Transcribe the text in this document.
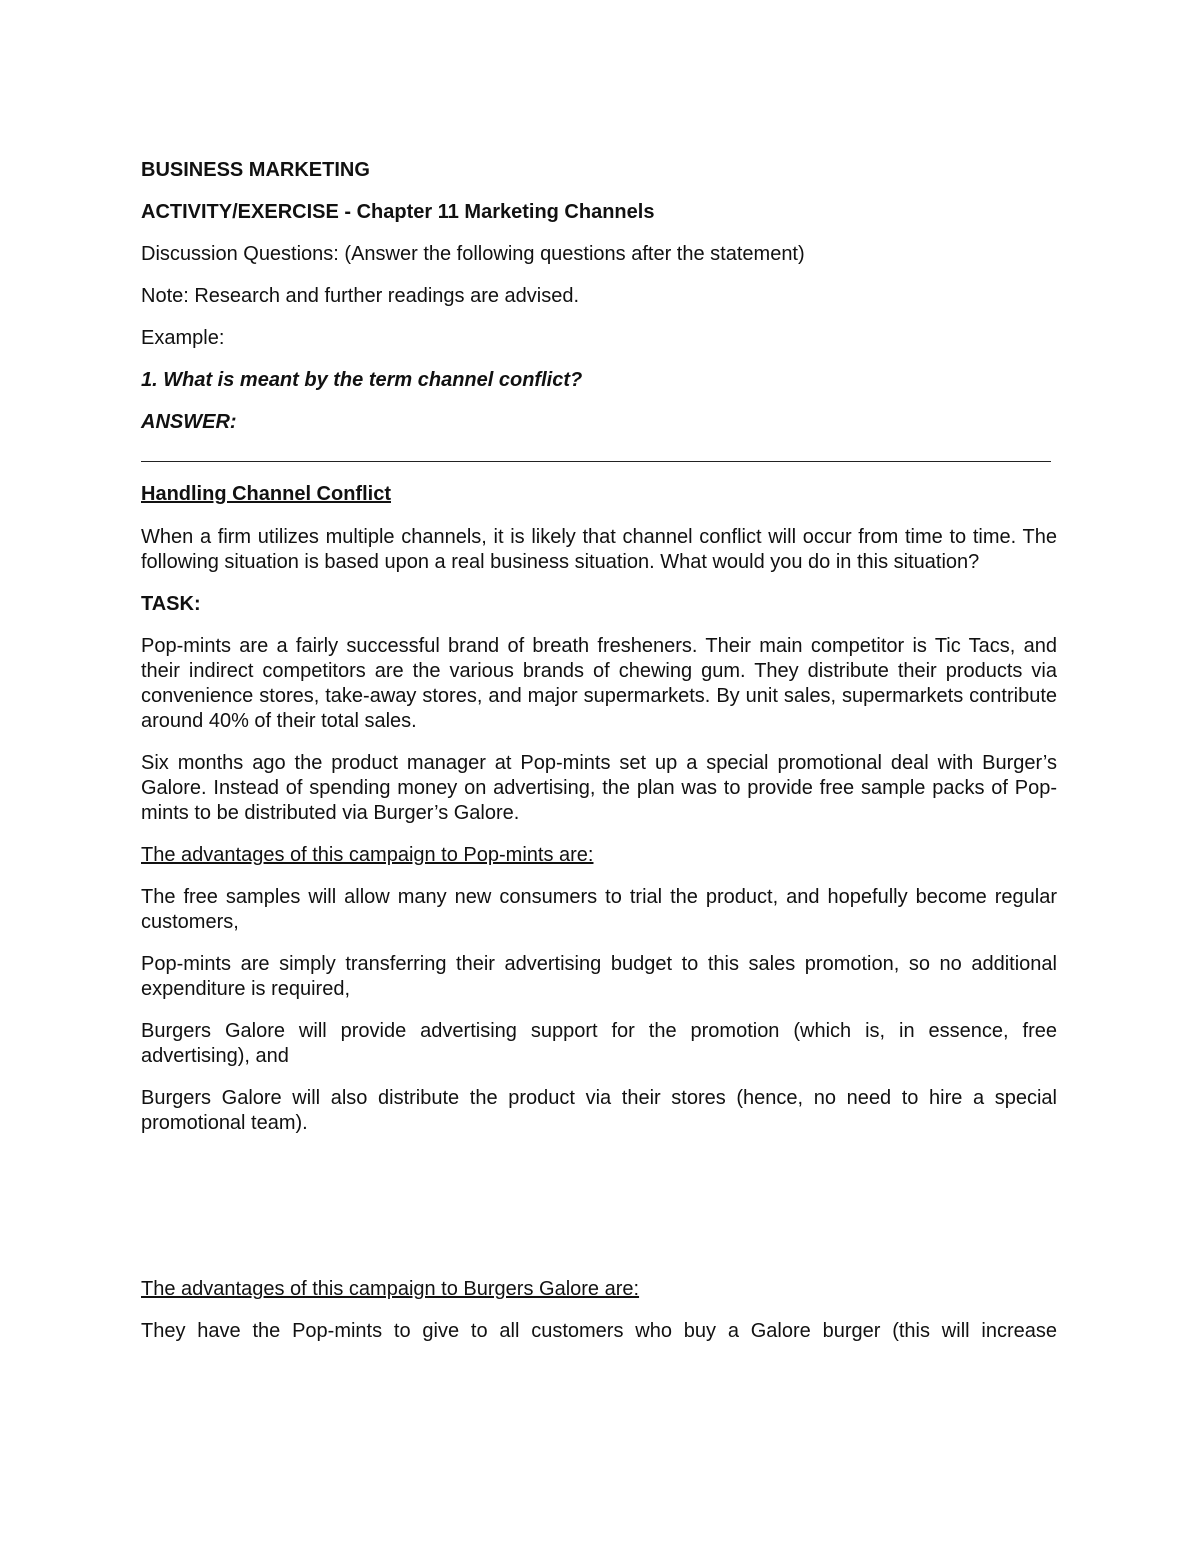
BUSINESS MARKETING

ACTIVITY/EXERCISE - Chapter 11 Marketing Channels

Discussion Questions: (Answer the following questions after the statement)

Note: Research and further readings are advised.

Example:

1. What is meant by the term channel conflict?

ANSWER:

Handling Channel Conflict

When a firm utilizes multiple channels, it is likely that channel conflict will occur from time to time. The following situation is based upon a real business situation. What would you do in this situation?

TASK:

Pop-mints are a fairly successful brand of breath fresheners. Their main competitor is Tic Tacs, and their indirect competitors are the various brands of chewing gum. They distribute their products via convenience stores, take-away stores, and major supermarkets. By unit sales, supermarkets contribute around 40% of their total sales.

Six months ago the product manager at Pop-mints set up a special promotional deal with Burger’s Galore. Instead of spending money on advertising, the plan was to provide free sample packs of Pop-mints to be distributed via Burger’s Galore.

The advantages of this campaign to Pop-mints are:

The free samples will allow many new consumers to trial the product, and hopefully become regular customers,

Pop-mints are simply transferring their advertising budget to this sales promotion, so no additional expenditure is required,

Burgers Galore will provide advertising support for the promotion (which is, in essence, free advertising), and

Burgers Galore will also distribute the product via their stores (hence, no need to hire a special promotional team).

The advantages of this campaign to Burgers Galore are:

They have the Pop-mints to give to all customers who buy a Galore burger (this will increase
